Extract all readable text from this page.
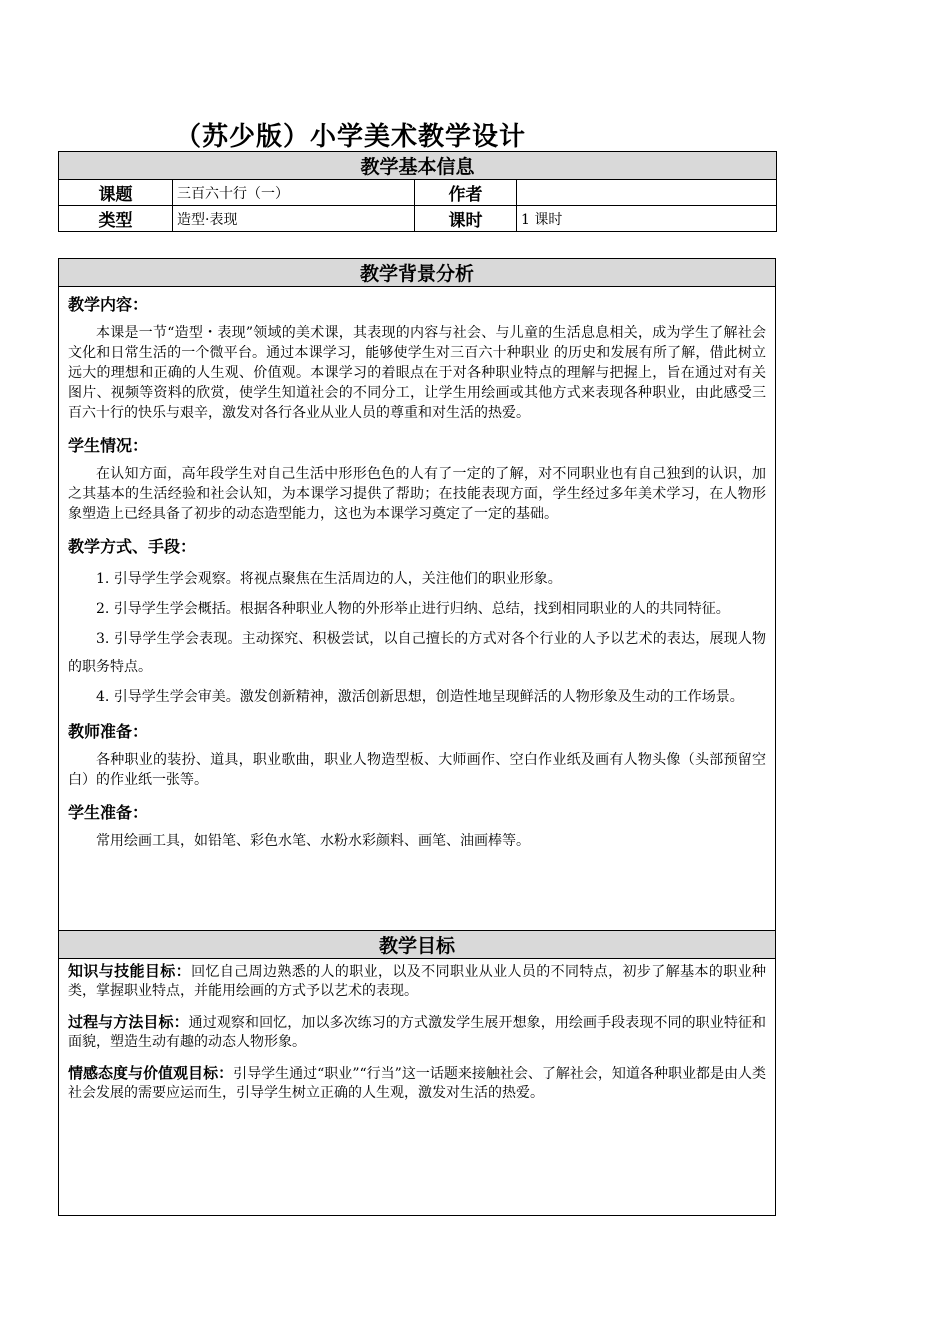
（苏少版）小学美术教学设计
教学基本信息			
课题	三百六十行（一）	作者	
类型	造型·表现	课时	1 课时
教学背景分析

教学内容：

本课是一节“造型・表现”领域的美术课，其表现的内容与社会、与儿童的生活息息相关，成为学生了解社会文化和日常生活的一个微平台。通过本课学习，能够使学生对三百六十种职业 的历史和发展有所了解，借此树立远大的理想和正确的人生观、价值观。本课学习的着眼点在于对各种职业特点的理解与把握上，旨在通过对有关图片、视频等资料的欣赏，使学生知道社会的不同分工，让学生用绘画或其他方式来表现各种职业，由此感受三百六十行的快乐与艰辛，激发对各行各业从业人员的尊重和对生活的热爱。

学生情况：

在认知方面，高年段学生对自己生活中形形色色的人有了一定的了解，对不同职业也有自己独到的认识，加之其基本的生活经验和社会认知，为本课学习提供了帮助；在技能表现方面，学生经过多年美术学习，在人物形象塑造上已经具备了初步的动态造型能力，这也为本课学习奠定了一定的基础。

教学方式、手段：

1. 引导学生学会观察。将视点聚焦在生活周边的人，关注他们的职业形象。

2. 引导学生学会概括。根据各种职业人物的外形举止进行归纳、总结，找到相同职业的人的共同特征。

3. 引导学生学会表现。主动探究、积极尝试，以自己擅长的方式对各个行业的人予以艺术的表达，展现人物的职务特点。

4. 引导学生学会审美。激发创新精神，激活创新思想，创造性地呈现鲜活的人物形象及生动的工作场景。

教师准备：

各种职业的装扮、道具，职业歌曲，职业人物造型板、大师画作、空白作业纸及画有人物头像（头部预留空白）的作业纸一张等。

学生准备：

常用绘画工具，如铅笔、彩色水笔、水粉水彩颜料、画笔、油画棒等。

教学目标

知识与技能目标：回忆自己周边熟悉的人的职业，以及不同职业从业人员的不同特点，初步了解基本的职业种类，掌握职业特点，并能用绘画的方式予以艺术的表现。

过程与方法目标：通过观察和回忆，加以多次练习的方式激发学生展开想象，用绘画手段表现不同的职业特征和面貌，塑造生动有趣的动态人物形象。

情感态度与价值观目标：引导学生通过“职业”“行当”这一话题来接触社会、了解社会，知道各种职业都是由人类社会发展的需要应运而生，引导学生树立正确的人生观，激发对生活的热爱。
